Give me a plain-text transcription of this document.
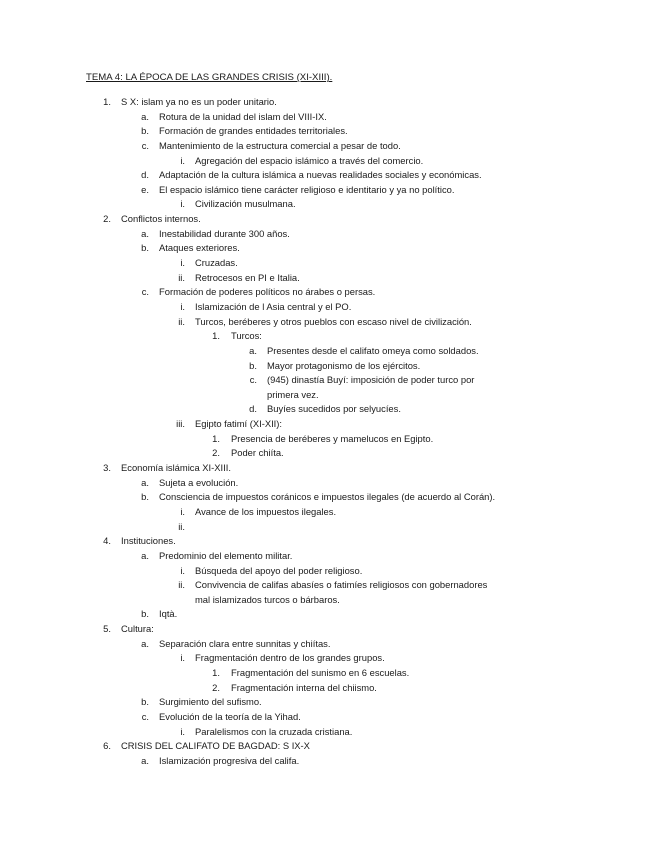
TEMA 4: LA ÉPOCA DE LAS GRANDES CRISIS (XI-XIII).
1. S X: islam ya no es un poder unitario.
a. Rotura de la unidad del islam del VIII-IX.
b. Formación de grandes entidades territoriales.
c. Mantenimiento de la estructura comercial a pesar de todo.
i. Agregación del espacio islámico a través del comercio.
d. Adaptación de la cultura islámica a nuevas realidades sociales y económicas.
e. El espacio islámico tiene carácter religioso e identitario y ya no político.
i. Civilización musulmana.
2. Conflictos internos.
a. Inestabilidad durante 300 años.
b. Ataques exteriores.
i. Cruzadas.
ii. Retrocesos en PI e Italia.
c. Formación de poderes políticos no árabes o persas.
i. Islamización de l Asia central y el PO.
ii. Turcos, beréberes y otros pueblos con escaso nivel de civilización.
1. Turcos:
a. Presentes desde el califato omeya como soldados.
b. Mayor protagonismo de los ejércitos.
c. (945) dinastía Buyí: imposición de poder turco por
primera vez.
d. Buyíes sucedidos por selyucíes.
iii. Egipto fatimí (XI-XII):
1. Presencia de beréberes y mamelucos en Egipto.
2. Poder chiíta.
3. Economía islámica XI-XIII.
a. Sujeta a evolución.
b. Consciencia de impuestos coránicos e impuestos ilegales (de acuerdo al Corán).
i. Avance de los impuestos ilegales.
ii.
4. Instituciones.
a. Predominio del elemento militar.
i. Búsqueda del apoyo del poder religioso.
ii. Convivencia de califas abasíes o fatimíes religiosos con gobernadores
mal islamizados turcos o bárbaros.
b. Iqtà.
5. Cultura:
a. Separación clara entre sunnitas y chiítas.
i. Fragmentación dentro de los grandes grupos.
1. Fragmentación del sunismo en 6 escuelas.
2. Fragmentación interna del chiismo.
b. Surgimiento del sufismo.
c. Evolución de la teoría de la Yihad.
i. Paralelismos con la cruzada cristiana.
6. CRISIS DEL CALIFATO DE BAGDAD: S IX-X
a. Islamización progresiva del califa.
